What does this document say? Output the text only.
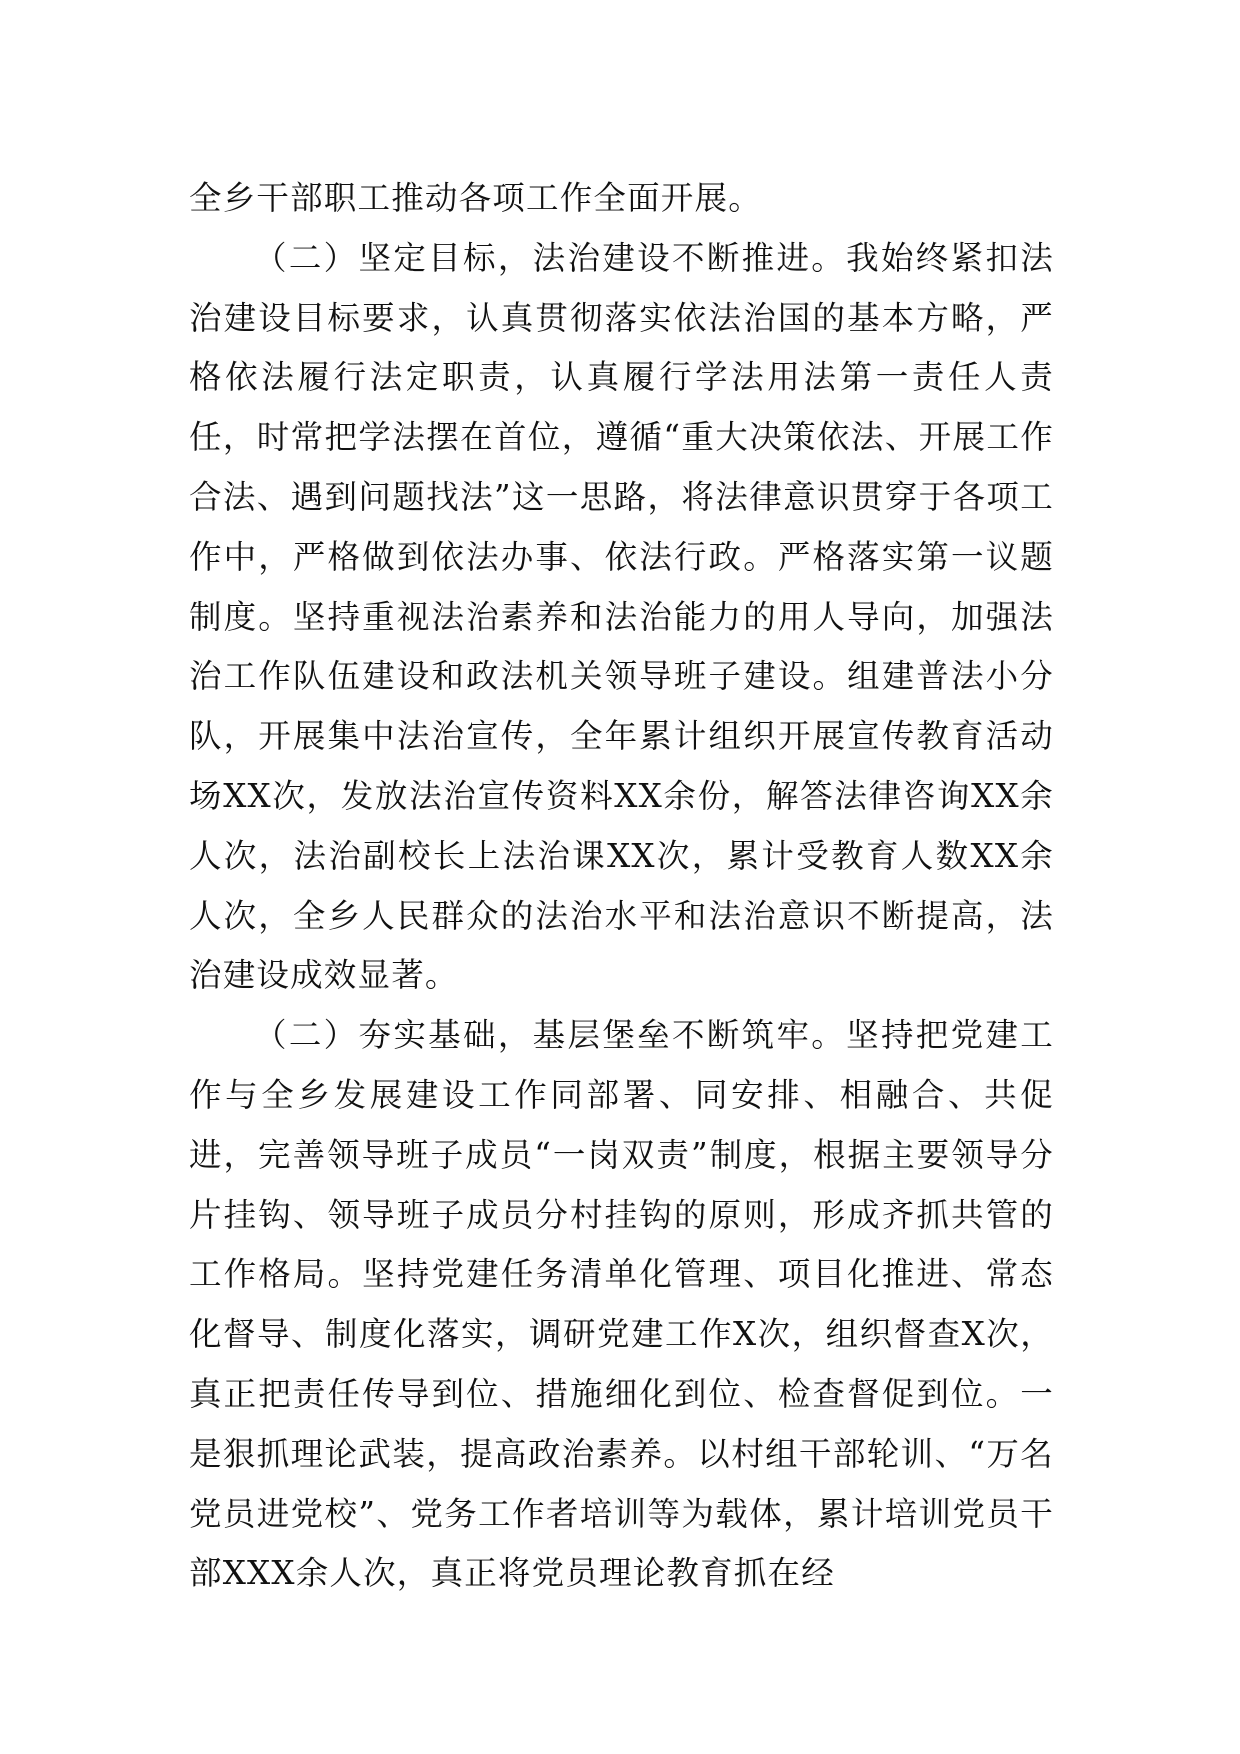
全乡干部职工推动各项工作全面开展。

（二）坚定目标，法治建设不断推进。我始终紧扣法治建设目标要求，认真贯彻落实依法治国的基本方略，严格依法履行法定职责，认真履行学法用法第一责任人责任，时常把学法摆在首位，遵循“重大决策依法、开展工作合法、遇到问题找法”这一思路，将法律意识贯穿于各项工作中，严格做到依法办事、依法行政。严格落实第一议题制度。坚持重视法治素养和法治能力的用人导向，加强法治工作队伍建设和政法机关领导班子建设。组建普法小分队，开展集中法治宣传，全年累计组织开展宣传教育活动场XX次，发放法治宣传资料XX余份，解答法律咨询XX余人次，法治副校长上法治课XX次，累计受教育人数XX余人次，全乡人民群众的法治水平和法治意识不断提高，法治建设成效显著。

（二）夯实基础，基层堡垒不断筑牢。坚持把党建工作与全乡发展建设工作同部署、同安排、相融合、共促进，完善领导班子成员“一岗双责”制度，根据主要领导分片挂钩、领导班子成员分村挂钩的原则，形成齐抓共管的工作格局。坚持党建任务清单化管理、项目化推进、常态化督导、制度化落实，调研党建工作X次，组织督查X次，真正把责任传导到位、措施细化到位、检查督促到位。一是狠抓理论武装，提高政治素养。以村组干部轮训、“万名党员进党校”、党务工作者培训等为载体，累计培训党员干部XXX余人次，真正将党员理论教育抓在经
